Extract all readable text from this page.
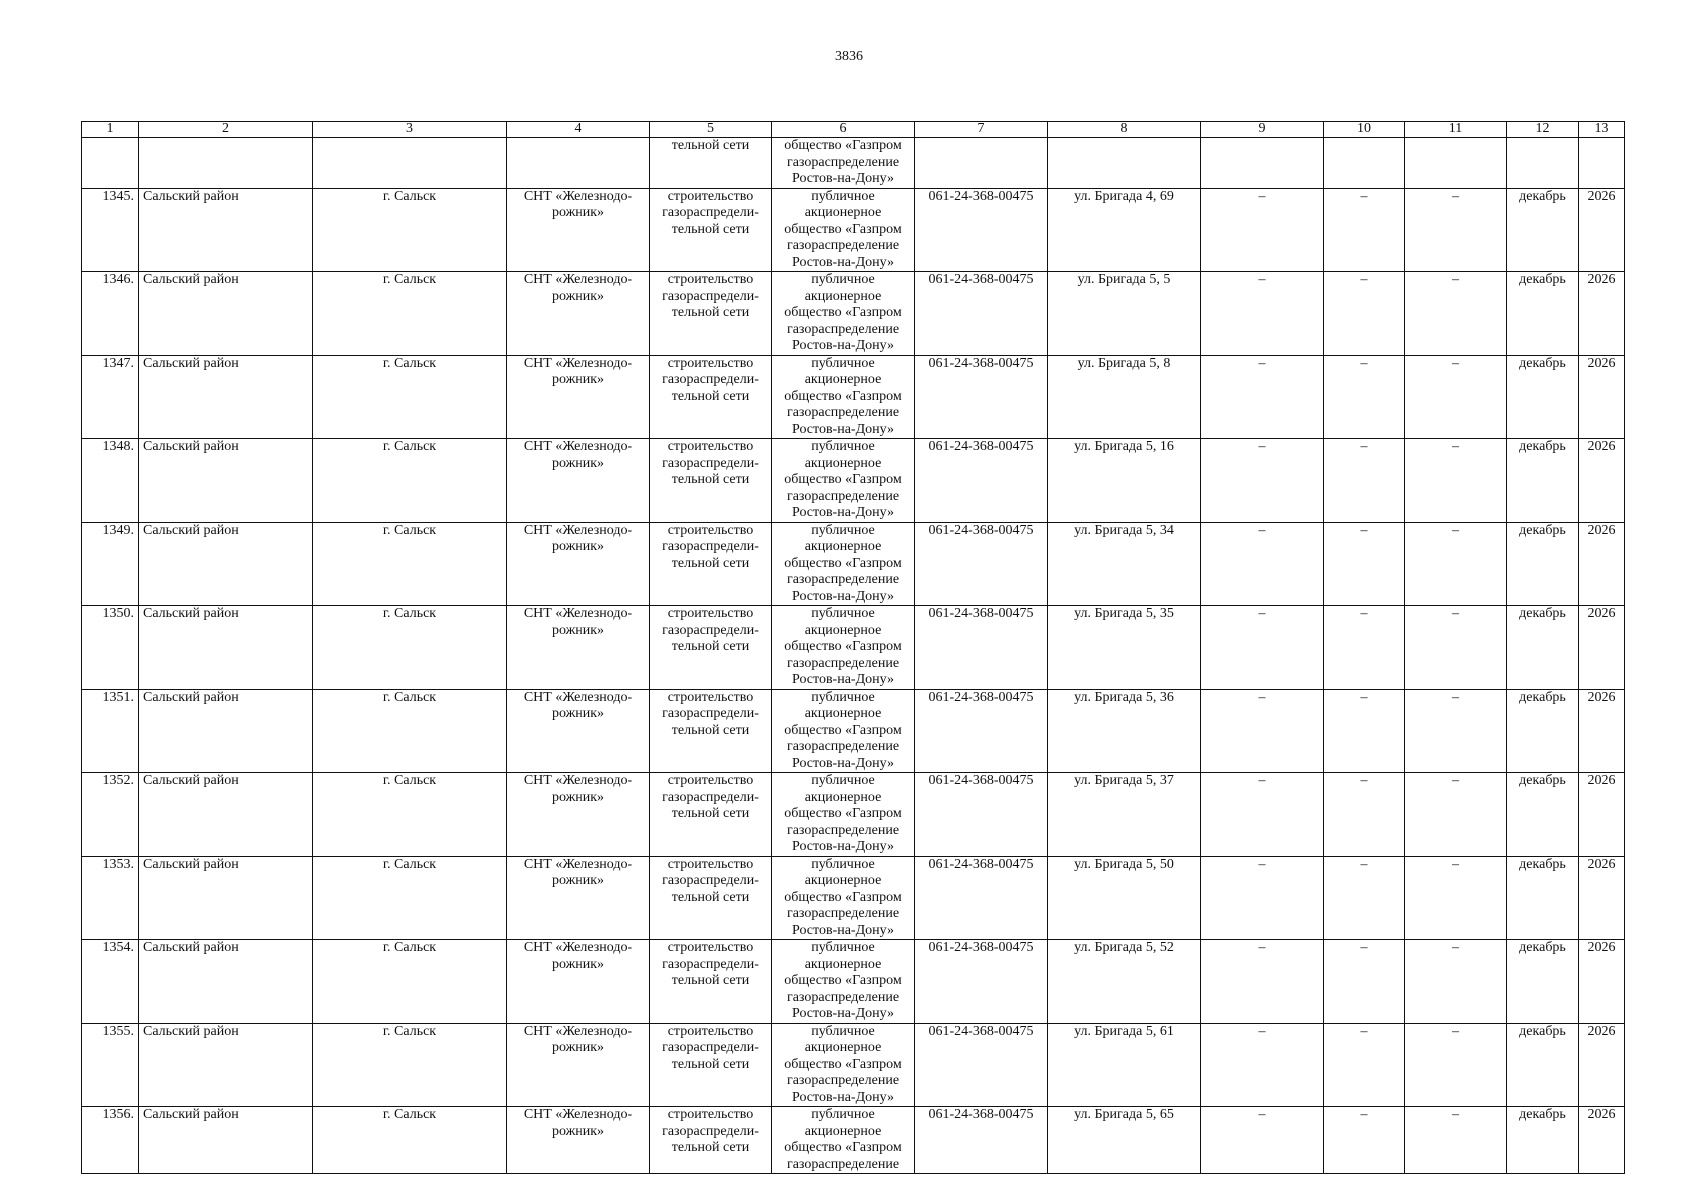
3836
1	2	3	4	5	6	7	8	9	10	11	12	13
				тельной сети	общество «Газпром
газораспределение
Ростов-на-Дону»							
1345.	Сальский район	г. Сальск	СНТ «Железнодо-
рожник»	строительство
газораспредели-
тельной сети	публичное
акционерное
общество «Газпром
газораспределение
Ростов-на-Дону»	061-24-368-00475	ул. Бригада 4, 69	–	–	–	декабрь	2026
1346.	Сальский район	г. Сальск	СНТ «Железнодо-
рожник»	строительство
газораспредели-
тельной сети	публичное
акционерное
общество «Газпром
газораспределение
Ростов-на-Дону»	061-24-368-00475	ул. Бригада 5, 5	–	–	–	декабрь	2026
1347.	Сальский район	г. Сальск	СНТ «Железнодо-
рожник»	строительство
газораспредели-
тельной сети	публичное
акционерное
общество «Газпром
газораспределение
Ростов-на-Дону»	061-24-368-00475	ул. Бригада 5, 8	–	–	–	декабрь	2026
1348.	Сальский район	г. Сальск	СНТ «Железнодо-
рожник»	строительство
газораспредели-
тельной сети	публичное
акционерное
общество «Газпром
газораспределение
Ростов-на-Дону»	061-24-368-00475	ул. Бригада 5, 16	–	–	–	декабрь	2026
1349.	Сальский район	г. Сальск	СНТ «Железнодо-
рожник»	строительство
газораспредели-
тельной сети	публичное
акционерное
общество «Газпром
газораспределение
Ростов-на-Дону»	061-24-368-00475	ул. Бригада 5, 34	–	–	–	декабрь	2026
1350.	Сальский район	г. Сальск	СНТ «Железнодо-
рожник»	строительство
газораспредели-
тельной сети	публичное
акционерное
общество «Газпром
газораспределение
Ростов-на-Дону»	061-24-368-00475	ул. Бригада 5, 35	–	–	–	декабрь	2026
1351.	Сальский район	г. Сальск	СНТ «Железнодо-
рожник»	строительство
газораспредели-
тельной сети	публичное
акционерное
общество «Газпром
газораспределение
Ростов-на-Дону»	061-24-368-00475	ул. Бригада 5, 36	–	–	–	декабрь	2026
1352.	Сальский район	г. Сальск	СНТ «Железнодо-
рожник»	строительство
газораспредели-
тельной сети	публичное
акционерное
общество «Газпром
газораспределение
Ростов-на-Дону»	061-24-368-00475	ул. Бригада 5, 37	–	–	–	декабрь	2026
1353.	Сальский район	г. Сальск	СНТ «Железнодо-
рожник»	строительство
газораспредели-
тельной сети	публичное
акционерное
общество «Газпром
газораспределение
Ростов-на-Дону»	061-24-368-00475	ул. Бригада 5, 50	–	–	–	декабрь	2026
1354.	Сальский район	г. Сальск	СНТ «Железнодо-
рожник»	строительство
газораспредели-
тельной сети	публичное
акционерное
общество «Газпром
газораспределение
Ростов-на-Дону»	061-24-368-00475	ул. Бригада 5, 52	–	–	–	декабрь	2026
1355.	Сальский район	г. Сальск	СНТ «Железнодо-
рожник»	строительство
газораспредели-
тельной сети	публичное
акционерное
общество «Газпром
газораспределение
Ростов-на-Дону»	061-24-368-00475	ул. Бригада 5, 61	–	–	–	декабрь	2026
1356.	Сальский район	г. Сальск	СНТ «Железнодо-
рожник»	строительство
газораспредели-
тельной сети	публичное
акционерное
общество «Газпром
газораспределение	061-24-368-00475	ул. Бригада 5, 65	–	–	–	декабрь	2026
